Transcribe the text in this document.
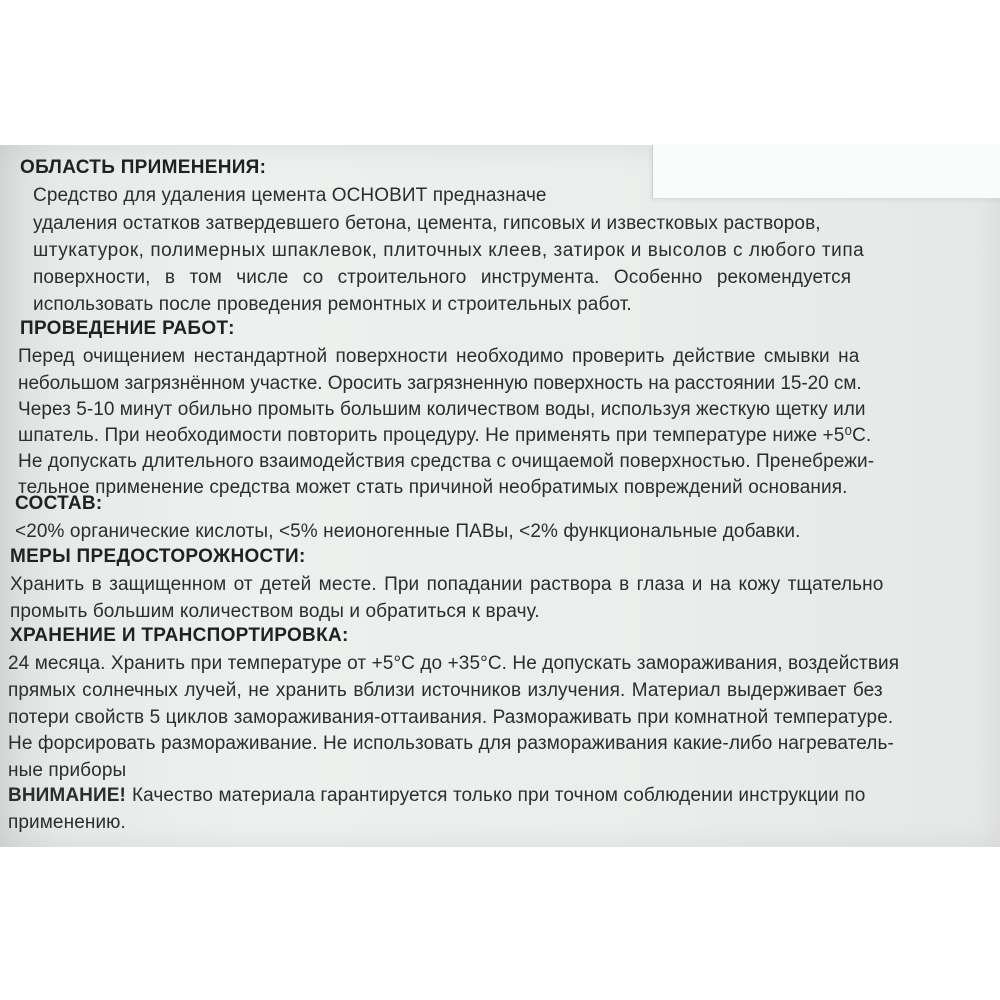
ОБЛАСТЬ ПРИМЕНЕНИЯ:
Средство для удаления цемента ОСНОВИТ предназначе
удаления остатков затвердевшего бетона, цемента, гипсовых и известковых растворов,
штукатурок, полимерных шпаклевок, плиточных клеев, затирок и высолов с любого типа
поверхности, в том числе со строительного инструмента. Особенно рекомендуется
использовать после проведения ремонтных и строительных работ.
ПРОВЕДЕНИЕ РАБОТ:
Перед очищением нестандартной поверхности необходимо проверить действие смывки на
небольшом загрязнённом участке. Оросить загрязненную поверхность на расстоянии 15-20 см.
Через 5-10 минут обильно промыть большим количеством воды, используя жесткую щетку или
шпатель. При необходимости повторить процедуру. Не применять при температуре ниже +5⁰С.
Не допускать длительного взаимодействия средства с очищаемой поверхностью. Пренебрежи-
тельное применение средства может стать причиной необратимых повреждений основания.
СОСТАВ:
<20% органические кислоты, <5% неионогенные ПАВы, <2% функциональные добавки.
МЕРЫ ПРЕДОСТОРОЖНОСТИ:
Хранить в защищенном от детей месте. При попадании раствора в глаза и на кожу тщательно
промыть большим количеством воды и обратиться к врачу.
ХРАНЕНИЕ И ТРАНСПОРТИРОВКА:
24 месяца. Хранить при температуре от +5°С до +35°С. Не допускать замораживания, воздействия
прямых солнечных лучей, не хранить вблизи источников излучения. Материал выдерживает без
потери свойств 5 циклов замораживания-оттаивания. Размораживать при комнатной температуре.
Не форсировать размораживание. Не использовать для размораживания какие-либо нагреватель-
ные приборы
ВНИМАНИЕ! Качество материала гарантируется только при точном соблюдении инструкции по
применению.
